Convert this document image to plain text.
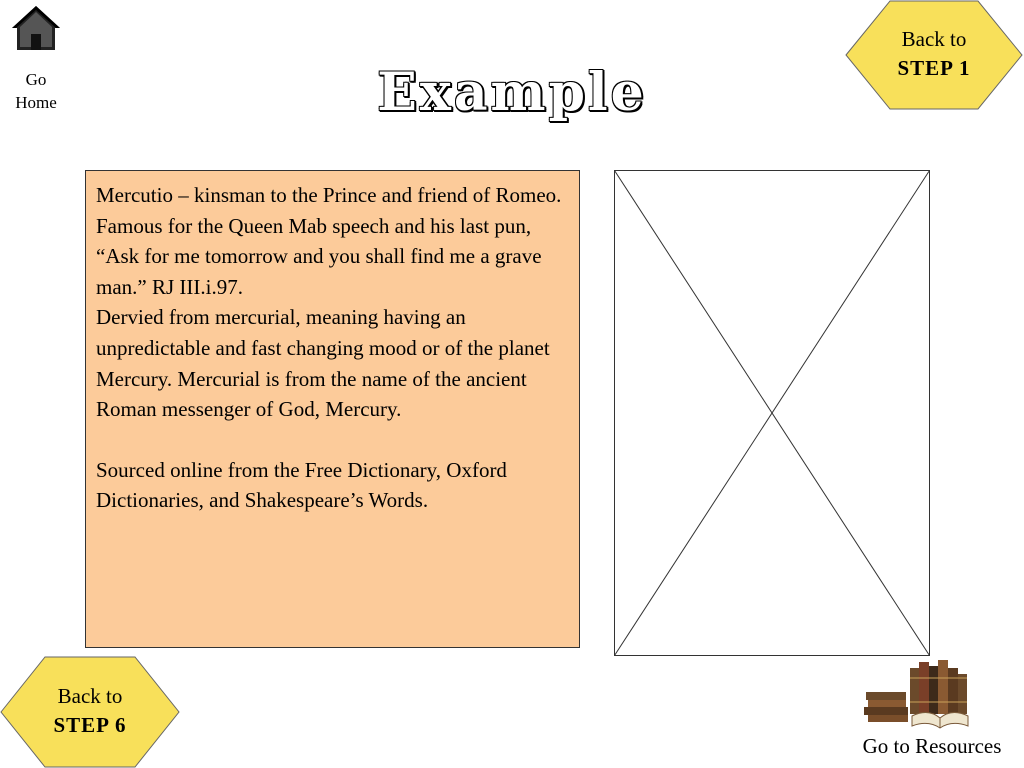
Go
Home	Example
Back to
STEP 1

Mercutio – kinsman to the Prince and friend of Romeo.

Famous for the Queen Mab speech and his last pun, “Ask for me tomorrow and you shall find me a grave man.” RJ III.i.97.

Dervied from mercurial, meaning having an unpredictable and fast changing mood or of the planet Mercury. Mercurial is from the name of the ancient Roman messenger of God, Mercury.

Sourced online from the Free Dictionary, Oxford Dictionaries, and Shakespeare’s Words.

Back to
STEP 6
Go to Resources
